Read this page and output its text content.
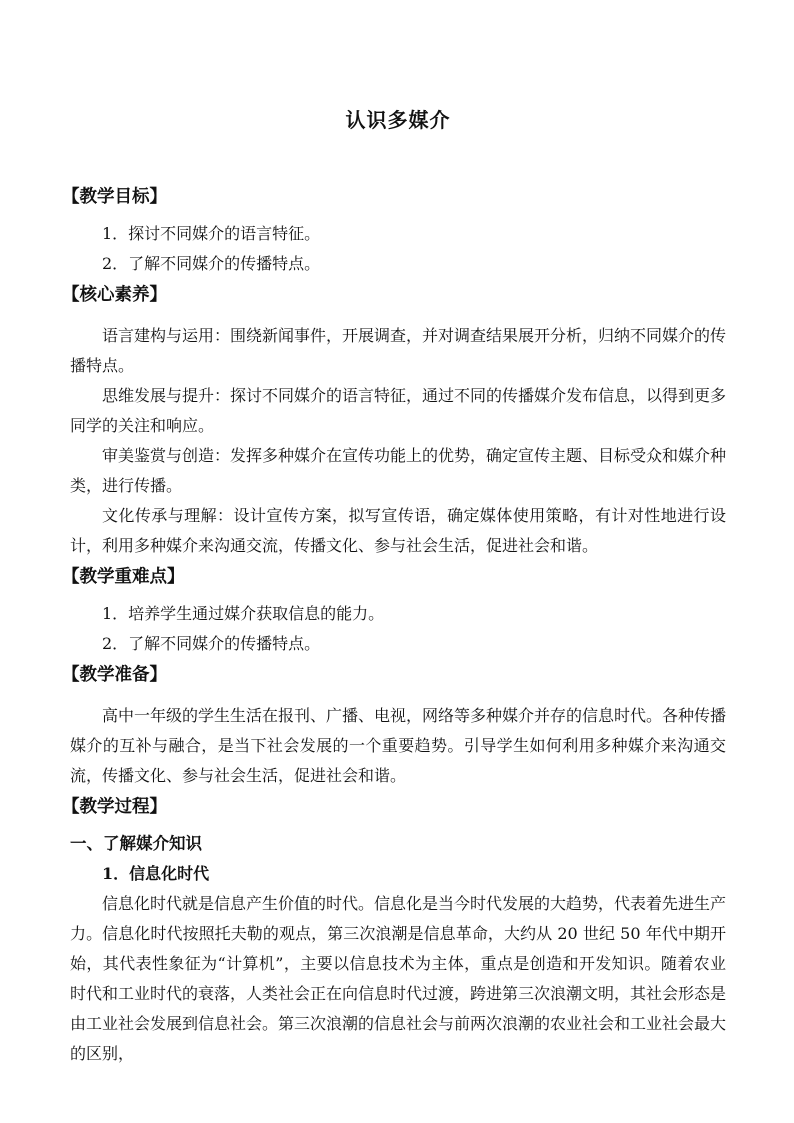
认识多媒介
【教学目标】
1．探讨不同媒介的语言特征。
2．了解不同媒介的传播特点。
【核心素养】

语言建构与运用：围绕新闻事件，开展调查，并对调查结果展开分析，归纳不同媒介的传播特点。

思维发展与提升：探讨不同媒介的语言特征，通过不同的传播媒介发布信息，以得到更多同学的关注和响应。

审美鉴赏与创造：发挥多种媒介在宣传功能上的优势，确定宣传主题、目标受众和媒介种类，进行传播。

文化传承与理解：设计宣传方案，拟写宣传语，确定媒体使用策略，有计对性地进行设计，利用多种媒介来沟通交流，传播文化、参与社会生活，促进社会和谐。

【教学重难点】
1．培养学生通过媒介获取信息的能力。
2．了解不同媒介的传播特点。
【教学准备】

高中一年级的学生生活在报刊、广播、电视，网络等多种媒介并存的信息时代。各种传播媒介的互补与融合，是当下社会发展的一个重要趋势。引导学生如何利用多种媒介来沟通交流，传播文化、参与社会生活，促进社会和谐。

【教学过程】
一、了解媒介知识
1．信息化时代

信息化时代就是信息产生价值的时代。信息化是当今时代发展的大趋势，代表着先进生产力。信息化时代按照托夫勒的观点，第三次浪潮是信息革命，大约从 20 世纪 50 年代中期开始，其代表性象征为“计算机”，主要以信息技术为主体，重点是创造和开发知识。随着农业时代和工业时代的衰落，人类社会正在向信息时代过渡，跨进第三次浪潮文明，其社会形态是由工业社会发展到信息社会。第三次浪潮的信息社会与前两次浪潮的农业社会和工业社会最大的区别，
